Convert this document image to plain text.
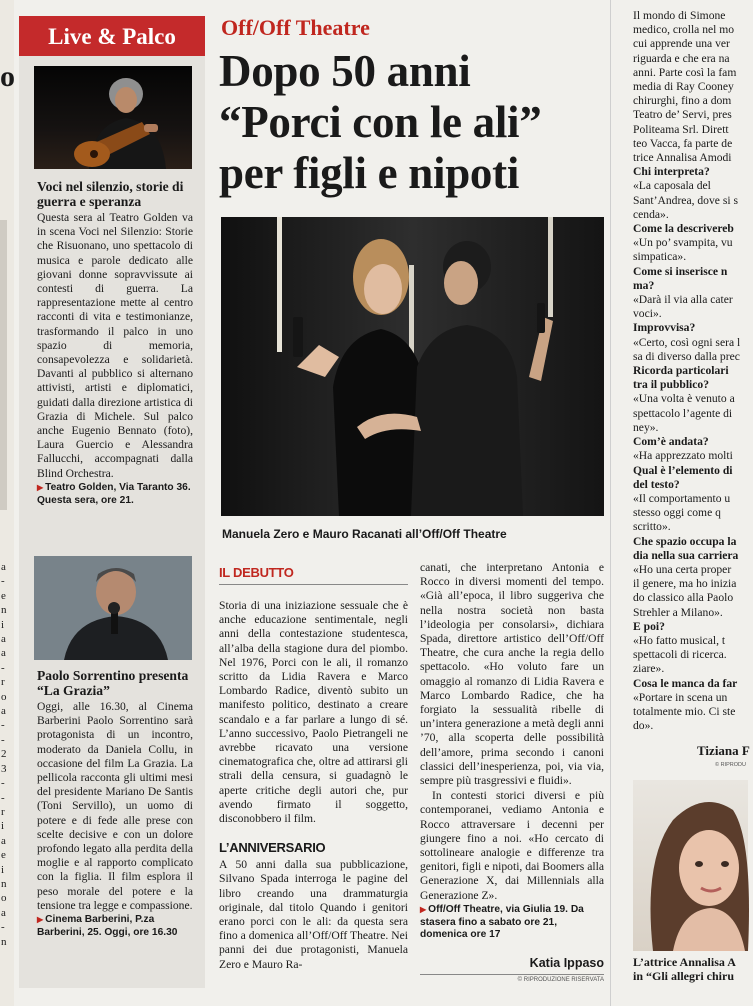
o
a
-
e
n
i
a
a
-
r
o
a
-
-
2
3
-
-
r
i
a
e
i
n
o
a
-
n
Live & Palco

Voci nel silenzio, storie di guerra e speranza

Questa sera al Teatro Golden va in scena Voci nel Silenzio: Storie che Risuonano, uno spettacolo di musica e parole dedicato alle giovani donne sopravvissute ai contesti di guerra. La rappresentazione mette al centro racconti di vita e testimonianze, trasformando il palco in uno spazio di memoria, consapevolezza e solidarietà. Davanti al pubblico si alternano attivisti, artisti e diplomatici, guidati dalla direzione artistica di Grazia di Michele. Sul palco anche Eugenio Bennato (foto), Laura Guercio e Alessandra Fallucchi, accompagnati dalla Blind Orchestra.

▶ Teatro Golden, Via Taranto 36. Questa sera, ore 21.

Paolo Sorrentino presenta “La Grazia”

Oggi, alle 16.30, al Cinema Barberini Paolo Sorrentino sarà protagonista di un incontro, moderato da Daniela Collu, in occasione del film La Grazia. La pellicola racconta gli ultimi mesi del presidente Mariano De Santis (Toni Servillo), un uomo di potere e di fede alle prese con scelte decisive e con un dolore profondo legato alla perdita della moglie e al rapporto complicato con la figlia. Il film esplora il peso morale del potere e la tensione tra legge e compassione.

▶ Cinema Barberini, P.za Barberini, 25. Oggi, ore 16.30

Off/Off Theatre
Dopo 50 anni “Porci con le ali” per figli e nipoti
Manuela Zero e Mauro Racanati all’Off/Off Theatre
IL DEBUTTO

Storia di una iniziazione sessuale che è anche educazione sentimentale, negli anni della contestazione studentesca, all’alba della stagione dura del piombo. Nel 1976, Porci con le ali, il romanzo scritto da Lidia Ravera e Marco Lombardo Radice, diventò subito un manifesto politico, destinato a creare scandalo e a far parlare a lungo di sé. L’anno successivo, Paolo Pietrangeli ne avrebbe ricavato una versione cinematografica che, oltre ad attirarsi gli strali della censura, si guadagnò le aperte critiche degli autori che, pur avendo firmato il soggetto, disconobbero il film.

L’ANNIVERSARIO

A 50 anni dalla sua pubblicazione, Silvano Spada interroga le pagine del libro creando una drammaturgia originale, dal titolo Quando i genitori erano porci con le ali: da questa sera fino a domenica all’Off/Off Theatre. Nei panni dei due protagonisti, Manuela Zero e Mauro Ra-

canati, che interpretano Antonia e Rocco in diversi momenti del tempo. «Già all’epoca, il libro suggeriva che nella nostra società non basta l’ideologia per consolarsi», dichiara Spada, direttore artistico dell’Off/Off Theatre, che cura anche la regia dello spettacolo. «Ho voluto fare un omaggio al romanzo di Lidia Ravera e Marco Lombardo Radice, che ha forgiato la sessualità ribelle di un’intera generazione a metà degli anni ’70, alla scoperta delle possibilità dell’amore, prima secondo i canoni classici dell’inesperienza, poi, via via, sempre più trasgressivi e fluidi».

In contesti storici diversi e più contemporanei, vediamo Antonia e Rocco attraversare i decenni per giungere fino a noi. «Ho cercato di sottolineare analogie e differenze tra genitori, figli e nipoti, dai Boomers alla Generazione X, dai Millennials alla Generazione Z».

▶ Off/Off Theatre, via Giulia 19. Da stasera fino a sabato ore 21, domenica ore 17

Katia Ippaso

© RIPRODUZIONE RISERVATA

Il mondo di Simone
medico, crolla nel mo
cui apprende una ver
riguarda e che era na
anni. Parte così la fam
media di Ray Cooney
chirurghi, fino a dom
Teatro de’ Servi, pres
Politeama Srl. Dirett
teo Vacca, fa parte de
trice Annalisa Amodi
Chi interpreta?
«La caposala del
Sant’Andrea, dove si s
cenda».
Come la descrivereb
«Un po’ svampita, vu
simpatica».
Come si inserisce n
ma?
«Darà il via alla cater
voci».
Improvvisa?
«Certo, così ogni sera l
sa di diverso dalla prec
Ricorda particolari
tra il pubblico?
«Una volta è venuto a
spettacolo l’agente di
ney».
Com’è andata?
«Ha apprezzato molti
Qual è l’elemento di
del testo?
«Il comportamento u
stesso oggi come q
scritto».
Che spazio occupa la
dia nella sua carriera
«Ho una certa proper
il genere, ma ho inizia
do classico alla Paolo
Strehler a Milano».
E poi?
«Ho fatto musical, t
spettacoli di ricerca.
ziare».
Cosa le manca da far
«Portare in scena un
totalmente mio. Ci ste
do».
Tiziana F
© RIPRODU
L’attrice Annalisa A
in “Gli allegri chiru
